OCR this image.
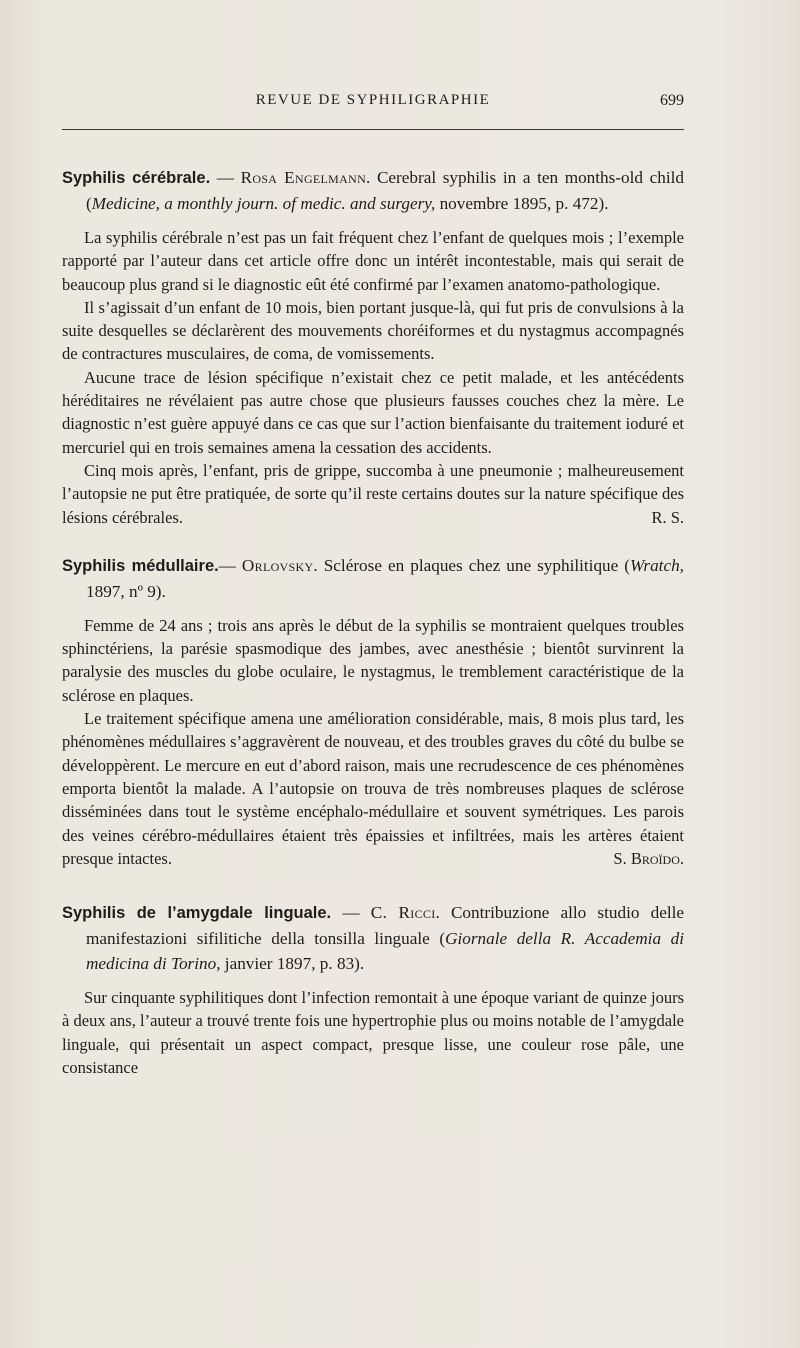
REVUE DE SYPHILIGRAPHIE	699

Syphilis cérébrale. — Rosa Engelmann. Cerebral syphilis in a ten months-old child (Medicine, a monthly journ. of medic. and surgery, novembre 1895, p. 472).

La syphilis cérébrale n’est pas un fait fréquent chez l’enfant de quelques mois ; l’exemple rapporté par l’auteur dans cet article offre donc un intérêt incontestable, mais qui serait de beaucoup plus grand si le diagnostic eût été confirmé par l’examen anatomo-pathologique.

Il s’agissait d’un enfant de 10 mois, bien portant jusque-là, qui fut pris de convulsions à la suite desquelles se déclarèrent des mouvements choréiformes et du nystagmus accompagnés de contractures musculaires, de coma, de vomissements.

Aucune trace de lésion spécifique n’existait chez ce petit malade, et les antécédents héréditaires ne révélaient pas autre chose que plusieurs fausses couches chez la mère. Le diagnostic n’est guère appuyé dans ce cas que sur l’action bienfaisante du traitement ioduré et mercuriel qui en trois semaines amena la cessation des accidents.

Cinq mois après, l’enfant, pris de grippe, succomba à une pneumonie ; malheureusement l’autopsie ne put être pratiquée, de sorte qu’il reste certains doutes sur la nature spécifique des lésions cérébrales.	R. S.

Syphilis médullaire.— Orlovsky. Sclérose en plaques chez une syphilitique (Wratch, 1897, nº 9).

Femme de 24 ans ; trois ans après le début de la syphilis se montraient quelques troubles sphinctériens, la parésie spasmodique des jambes, avec anesthésie ; bientôt survinrent la paralysie des muscles du globe oculaire, le nystagmus, le tremblement caractéristique de la sclérose en plaques.

Le traitement spécifique amena une amélioration considérable, mais, 8 mois plus tard, les phénomènes médullaires s’aggravèrent de nouveau, et des troubles graves du côté du bulbe se développèrent. Le mercure en eut d’abord raison, mais une recrudescence de ces phénomènes emporta bientôt la malade. A l’autopsie on trouva de très nombreuses plaques de sclérose disséminées dans tout le système encéphalo-médullaire et souvent symétriques. Les parois des veines cérébro-médullaires étaient très épaissies et infiltrées, mais les artères étaient presque intactes.	S. Broïdo.

Syphilis de l’amygdale linguale. — C. Ricci. Contribuzione allo studio delle manifestazioni sifilitiche della tonsilla linguale (Giornale della R. Accademia di medicina di Torino, janvier 1897, p. 83).

Sur cinquante syphilitiques dont l’infection remontait à une époque variant de quinze jours à deux ans, l’auteur a trouvé trente fois une hypertrophie plus ou moins notable de l’amygdale linguale, qui présentait un aspect compact, presque lisse, une couleur rose pâle, une consistance
